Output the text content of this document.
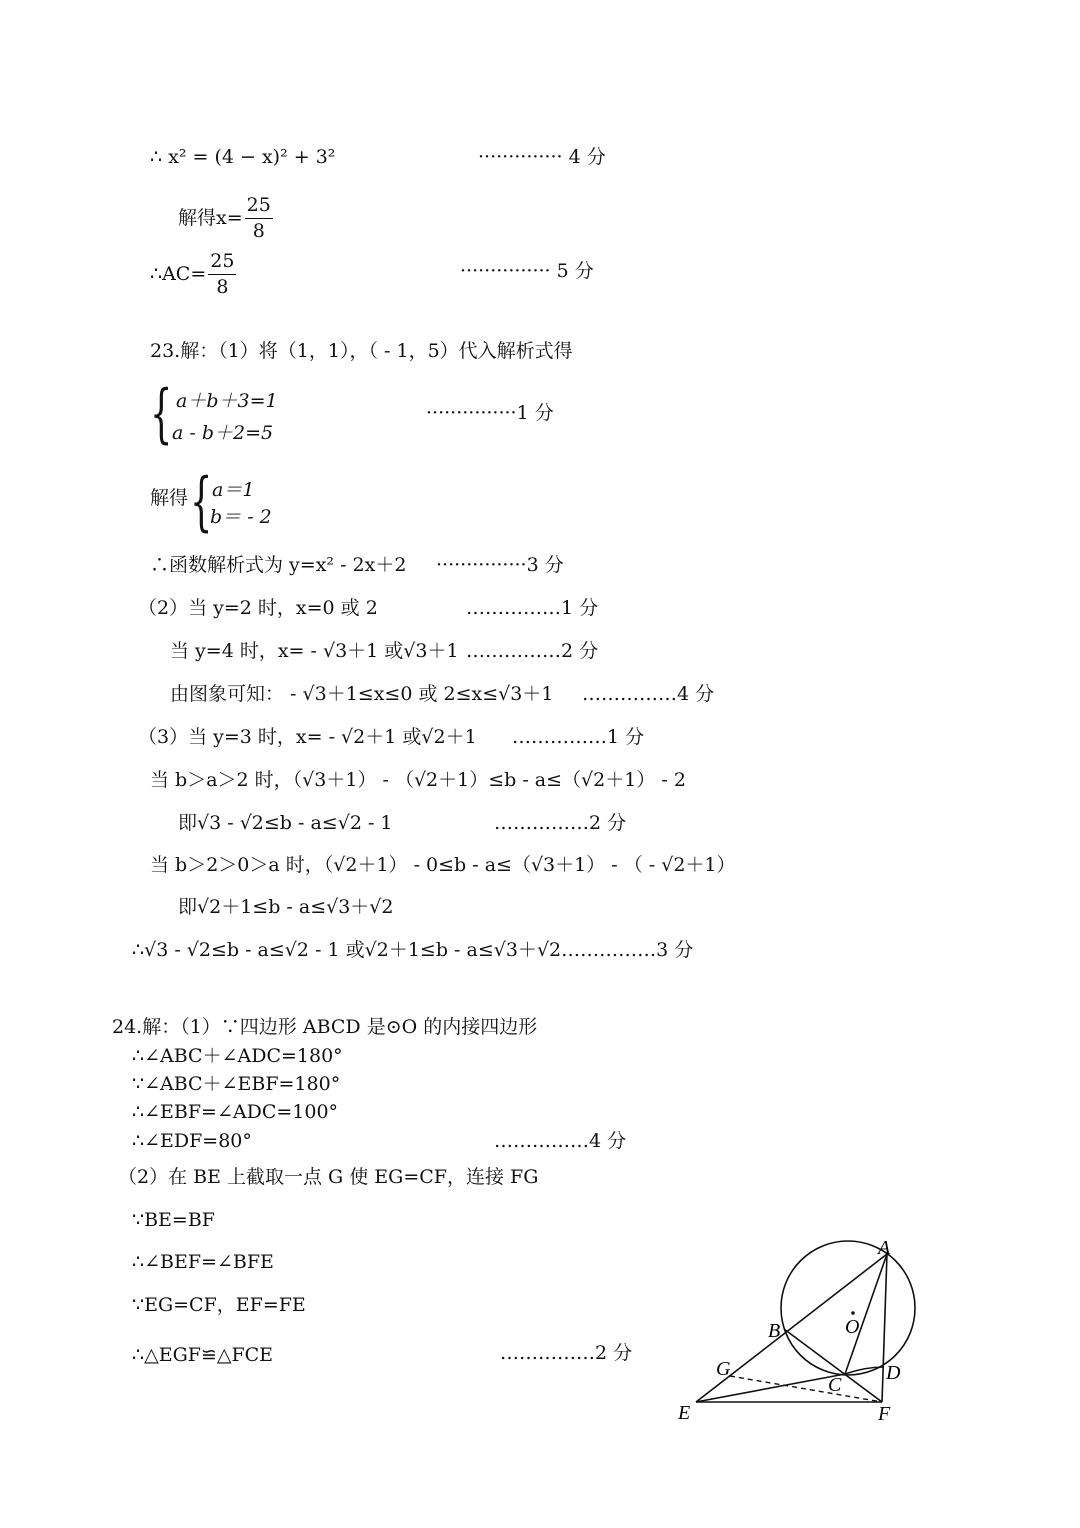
∴ x² = (4 − x)² + 3²	·············· 4 分
解得$x= \frac{25}{8}$
∴AC= $\frac{25}{8}$	··············· 5 分
23.解：（1）将（1，1），（ - 1，5）代入解析式得
{ a＋b＋3=1
a - b＋2=5
···············1 分
解得 { a＝1
b＝ - 2
∴函数解析式为 y=x² - 2x＋2 ···············3 分
（2）当 y=2 时，x=0 或 2	……………1 分
当 y=4 时，x= - √3＋1 或√3＋1 ……………2 分
由图象可知： - √3＋1≤x≤0 或 2≤x≤√3＋1 ……………4 分
（3）当 y=3 时，x= - √2＋1 或√2＋1 ……………1 分
当 b＞a＞2 时，（√3＋1） - （√2＋1）≤b - a≤（√2＋1） - 2
即√3 - √2≤b - a≤√2 - 1	……………2 分
当 b＞2＞0＞a 时，（√2＋1） - 0≤b - a≤（√3＋1） - （ - √2＋1）
即√2＋1≤b - a≤√3＋√2
∴√3 - √2≤b - a≤√2 - 1 或√2＋1≤b - a≤√3＋√2……………3 分
24.解：（1）∵四边形 ABCD 是⊙O 的内接四边形
∴∠ABC＋∠ADC=180°
∵∠ABC＋∠EBF=180°
∴∠EBF=∠ADC=100°
∴∠EDF=80°	……………4 分
（2）在 BE 上截取一点 G 使 EG=CF，连接 FG
∵BE=BF
∴∠BEF=∠BFE
∵EG=CF，EF=FE
∴△EGF≌△FCE	……………2 分
A
B	O
G	D
C
E	F
